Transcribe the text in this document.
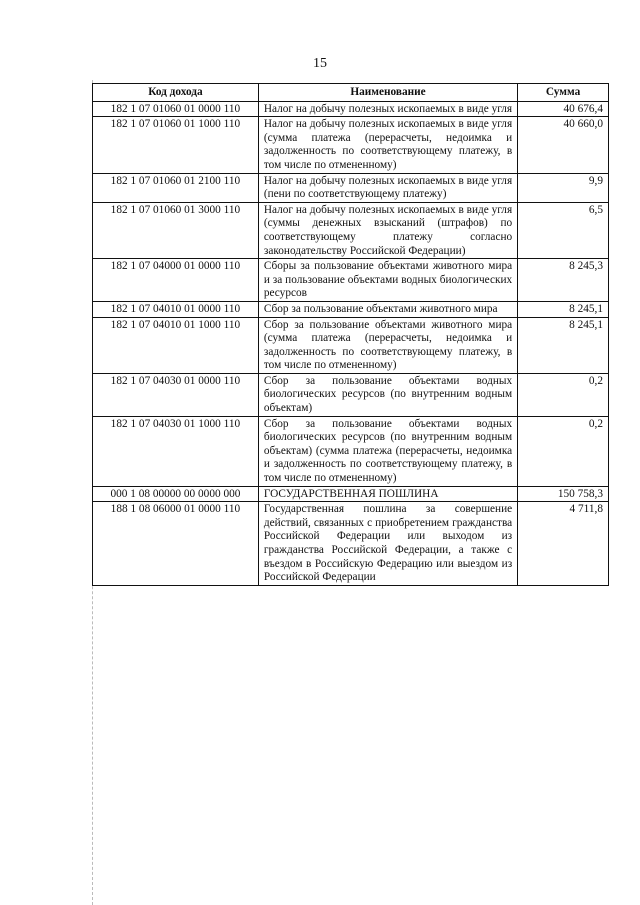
15
Код дохода	Наименование	Сумма
182 1 07 01060 01 0000 110	Налог на добычу полезных ископаемых в виде угля	40 676,4
182 1 07 01060 01 1000 110	Налог на добычу полезных ископаемых в виде угля (сумма платежа (перерасчеты, недоимка и задолженность по соответствующему платежу, в том числе по отмененному)	40 660,0
182 1 07 01060 01 2100 110	Налог на добычу полезных ископаемых в виде угля (пени по соответствующему платежу)	9,9
182 1 07 01060 01 3000 110	Налог на добычу полезных ископаемых в виде угля (суммы денежных взысканий (штрафов) по соответствующему платежу согласно законодательству Российской Федерации)	6,5
182 1 07 04000 01 0000 110	Сборы за пользование объектами животного мира и за пользование объектами водных биологических ресурсов	8 245,3
182 1 07 04010 01 0000 110	Сбор за пользование объектами животного мира	8 245,1
182 1 07 04010 01 1000 110	Сбор за пользование объектами животного мира (сумма платежа (перерасчеты, недоимка и задолженность по соответствующему платежу, в том числе по отмененному)	8 245,1
182 1 07 04030 01 0000 110	Сбор за пользование объектами водных биологических ресурсов (по внутренним водным объектам)	0,2
182 1 07 04030 01 1000 110	Сбор за пользование объектами водных биологических ресурсов (по внутренним водным объектам) (сумма платежа (перерасчеты, недоимка и задолженность по соответствующему платежу, в том числе по отмененному)	0,2
000 1 08 00000 00 0000 000	ГОСУДАРСТВЕННАЯ ПОШЛИНА	150 758,3
188 1 08 06000 01 0000 110	Государственная пошлина за совершение действий, связанных с приобретением гражданства Российской Федерации или выходом из гражданства Российской Федерации, а также с въездом в Российскую Федерацию или выездом из Российской Федерации	4 711,8
